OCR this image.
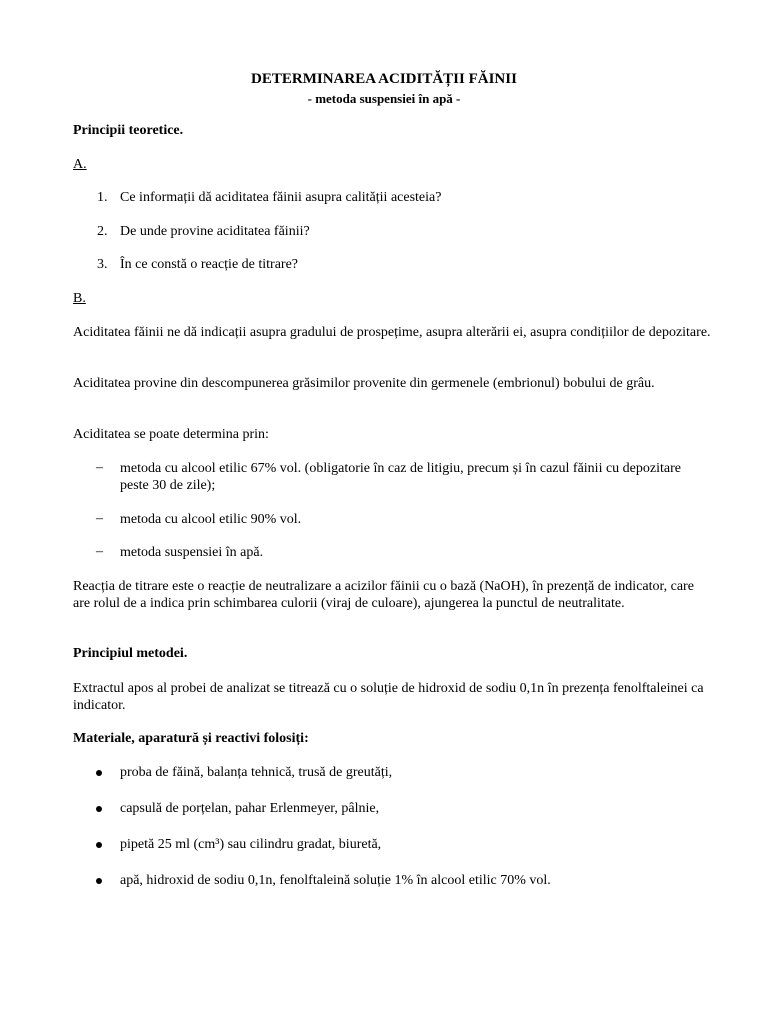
DETERMINAREA ACIDITĂȚII FĂINII
- metoda suspensiei în apă -
Principii teoretice.
A.
1. Ce informații dă aciditatea făinii asupra calității acesteia?
2. De unde provine aciditatea făinii?
3. În ce constă o reacție de titrare?
B.
Aciditatea făinii ne dă indicații asupra gradului de prospețime, asupra alterării ei, asupra condițiilor de depozitare.
Aciditatea provine din descompunerea grăsimilor provenite din germenele (embrionul) bobului de grâu.
Aciditatea se poate determina prin:
– metoda cu alcool etilic 67% vol. (obligatorie în caz de litigiu, precum și în cazul făinii cu depozitare peste 30 de zile);
– metoda cu alcool etilic 90% vol.
– metoda suspensiei în apă.
Reacția de titrare este o reacție de neutralizare a acizilor făinii cu o bază (NaOH), în prezență de indicator, care are rolul de a indica prin schimbarea culorii (viraj de culoare), ajungerea la punctul de neutralitate.
Principiul metodei.
Extractul apos al probei de analizat se titrează cu o soluție de hidroxid de sodiu 0,1n în prezența fenolftaleinei ca indicator.
Materiale, aparatură și reactivi folosiți:
proba de făină, balanța tehnică, trusă de greutăți,
capsulă de porțelan, pahar Erlenmeyer, pâlnie,
pipetă 25 ml (cm³) sau cilindru gradat, biuretă,
apă, hidroxid de sodiu 0,1n, fenolftaleină soluție 1% în alcool etilic 70% vol.
